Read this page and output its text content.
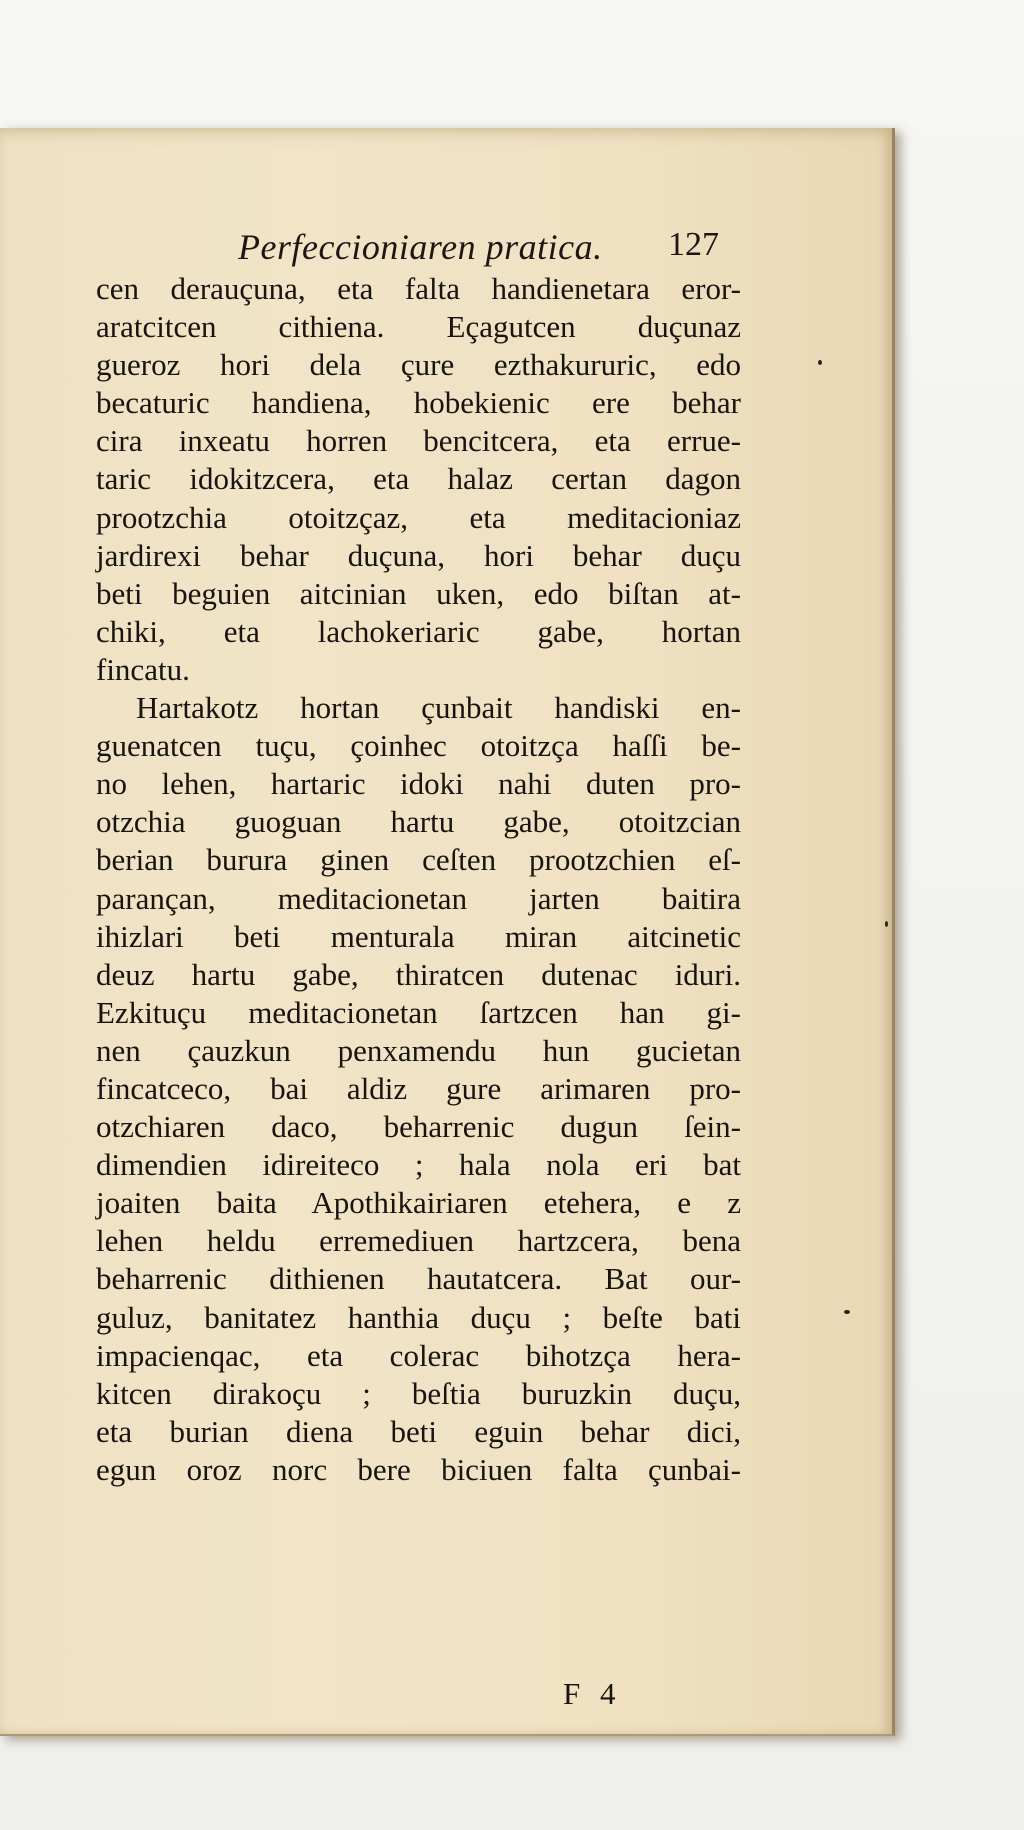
Perfeccioniaren pratica. 127
cen derauçuna, eta falta handienetara eror-
aratcitcen cithiena. Eçagutcen duçunaz
gueroz hori dela çure ezthakururic, edo
becaturic handiena, hobekienic ere behar
cira inxeatu horren bencitcera, eta errue-
taric idokitzcera, eta halaz certan dagon
prootzchia otoitzçaz, eta meditacioniaz
jardirexi behar duçuna, hori behar duçu
beti beguien aitcinian uken, edo biſtan at-
chiki, eta lachokeriaric gabe, hortan
fincatu.
Hartakotz hortan çunbait handiski en-
guenatcen tuçu, çoinhec otoitzça haſſi be-
no lehen, hartaric idoki nahi duten pro-
otzchia guoguan hartu gabe, otoitzcian
berian burura ginen ceſten prootzchien eſ-
parançan, meditacionetan jarten baitira
ihizlari beti menturala miran aitcinetic
deuz hartu gabe, thiratcen dutenac iduri.
Ezkituçu meditacionetan ſartzcen han gi-
nen çauzkun penxamendu hun gucietan
fincatceco, bai aldiz gure arimaren pro-
otzchiaren daco, beharrenic dugun ſein-
dimendien idireiteco ; hala nola eri bat
joaiten baita Apothikairiaren etehera, e z
lehen heldu erremediuen hartzcera, bena
beharrenic dithienen hautatcera. Bat our-
guluz, banitatez hanthia duçu ; beſte bati
impacienqac, eta colerac bihotzça hera-
kitcen dirakoçu ; beſtia buruzkin duçu,
eta burian diena beti eguin behar dici,
egun oroz norc bere biciuen falta çunbai-
F 4
